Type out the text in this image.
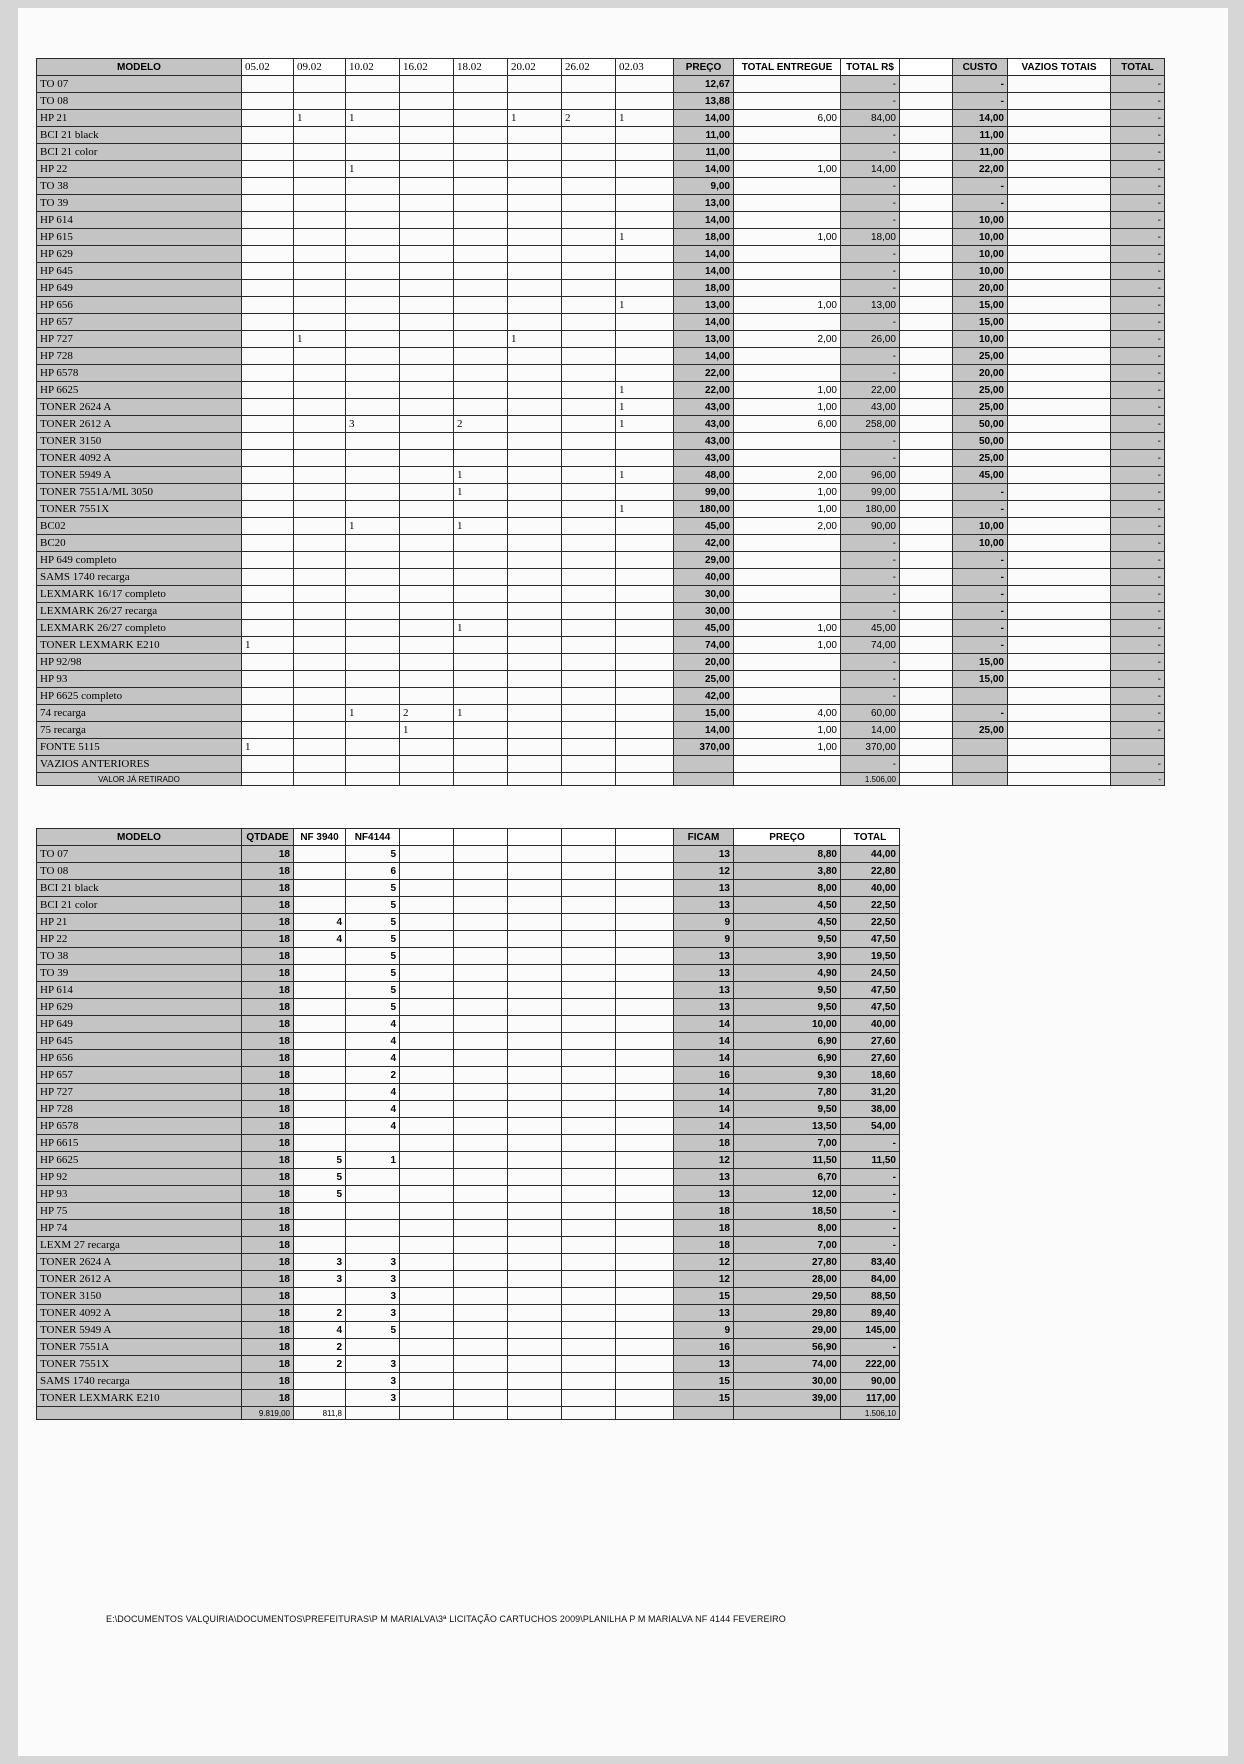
MODELO	05.02	09.02	10.02	16.02	18.02	20.02	26.02	02.03	PREÇO	TOTAL ENTREGUE	TOTAL R$		CUSTO	VAZIOS TOTAIS	TOTAL
TO 07									12,67		-		-		-
TO 08									13,88		-		-		-
HP 21		1	1			1	2	1	14,00	6,00	84,00		14,00		-
BCI 21 black									11,00		-		11,00		-
BCI 21 color									11,00		-		11,00		-
HP 22			1						14,00	1,00	14,00		22,00		-
TO 38									9,00		-		-		-
TO 39									13,00		-		-		-
HP 614									14,00		-		10,00		-
HP 615								1	18,00	1,00	18,00		10,00		-
HP 629									14,00		-		10,00		-
HP 645									14,00		-		10,00		-
HP 649									18,00		-		20,00		-
HP 656								1	13,00	1,00	13,00		15,00		-
HP 657									14,00		-		15,00		-
HP 727		1				1			13,00	2,00	26,00		10,00		-
HP 728									14,00		-		25,00		-
HP 6578									22,00		-		20,00		-
HP 6625								1	22,00	1,00	22,00		25,00		-
TONER 2624 A								1	43,00	1,00	43,00		25,00		-
TONER 2612 A			3		2			1	43,00	6,00	258,00		50,00		-
TONER 3150									43,00		-		50,00		-
TONER 4092 A									43,00		-		25,00		-
TONER 5949 A					1			1	48,00	2,00	96,00		45,00		-
TONER 7551A/ML 3050					1				99,00	1,00	99,00		-		-
TONER 7551X								1	180,00	1,00	180,00		-		-
BC02			1		1				45,00	2,00	90,00		10,00		-
BC20									42,00		-		10,00		-
HP 649 completo									29,00		-		-		-
SAMS 1740 recarga									40,00		-		-		-
LEXMARK 16/17 completo									30,00		-		-		-
LEXMARK 26/27 recarga									30,00		-		-		-
LEXMARK 26/27 completo					1				45,00	1,00	45,00		-		-
TONER LEXMARK E210	1								74,00	1,00	74,00		-		-
HP 92/98									20,00		-		15,00		-
HP 93									25,00		-		15,00		-
HP 6625 completo									42,00		-				-
74 recarga			1	2	1				15,00	4,00	60,00		-		-
75 recarga				1					14,00	1,00	14,00		25,00		-
FONTE 5115	1								370,00	1,00	370,00				
VAZIOS ANTERIORES											-				-
VALOR JÁ RETIRADO											1.506,00				-
MODELO	QTDADE	NF 3940	NF4144						FICAM	PREÇO	TOTAL
TO 07	18		5						13	8,80	44,00
TO 08	18		6						12	3,80	22,80
BCI 21 black	18		5						13	8,00	40,00
BCI 21 color	18		5						13	4,50	22,50
HP 21	18	4	5						9	4,50	22,50
HP 22	18	4	5						9	9,50	47,50
TO 38	18		5						13	3,90	19,50
TO 39	18		5						13	4,90	24,50
HP 614	18		5						13	9,50	47,50
HP 629	18		5						13	9,50	47,50
HP 649	18		4						14	10,00	40,00
HP 645	18		4						14	6,90	27,60
HP 656	18		4						14	6,90	27,60
HP 657	18		2						16	9,30	18,60
HP 727	18		4						14	7,80	31,20
HP 728	18		4						14	9,50	38,00
HP 6578	18		4						14	13,50	54,00
HP 6615	18								18	7,00	-
HP 6625	18	5	1						12	11,50	11,50
HP 92	18	5							13	6,70	-
HP 93	18	5							13	12,00	-
HP 75	18								18	18,50	-
HP 74	18								18	8,00	-
LEXM 27 recarga	18								18	7,00	-
TONER 2624 A	18	3	3						12	27,80	83,40
TONER 2612 A	18	3	3						12	28,00	84,00
TONER 3150	18		3						15	29,50	88,50
TONER 4092 A	18	2	3						13	29,80	89,40
TONER 5949 A	18	4	5						9	29,00	145,00
TONER 7551A	18	2							16	56,90	-
TONER 7551X	18	2	3						13	74,00	222,00
SAMS 1740 recarga	18		3						15	30,00	90,00
TONER LEXMARK E210	18		3						15	39,00	117,00
	9.819,00	811,8									1.506,10
E:\DOCUMENTOS VALQUIRIA\DOCUMENTOS\PREFEITURAS\P M MARIALVA\3ª LICITAÇÃO CARTUCHOS 2009\PLANILHA P M MARIALVA NF 4144 FEVEREIRO
